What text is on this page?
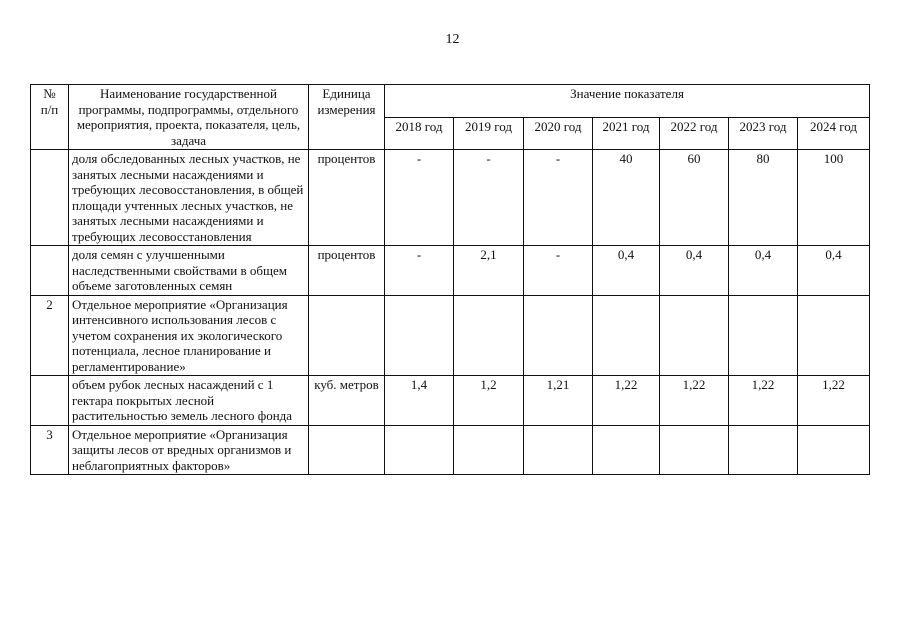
12
№
п/п	Наименование государственной программы, подпрограммы, отдельного мероприятия, проекта, показателя, цель, задача	Единица измерения	Значение показателя						
			2018 год	2019 год	2020 год	2021 год	2022 год	2023 год	2024 год
	доля обследованных лесных участков, не занятых лесными насаждениями и требующих лесовосстановления, в общей площади учтенных лесных участков, не занятых лесными насаждениями и требующих лесовосстановления	процентов	-	-	-	40	60	80	100
	доля семян с улучшенными наследственными свойствами в общем объеме заготовленных семян	процентов	-	2,1	-	0,4	0,4	0,4	0,4
2	Отдельное мероприятие «Организация интенсивного использования лесов с учетом сохранения их экологического потенциала, лесное планирование и регламентирование»								
	объем рубок лесных насаждений с 1 гектара покрытых лесной растительностью земель лесного фонда	куб. метров	1,4	1,2	1,21	1,22	1,22	1,22	1,22
3	Отдельное мероприятие «Организация защиты лесов от вредных организмов и неблагоприятных факторов»								
